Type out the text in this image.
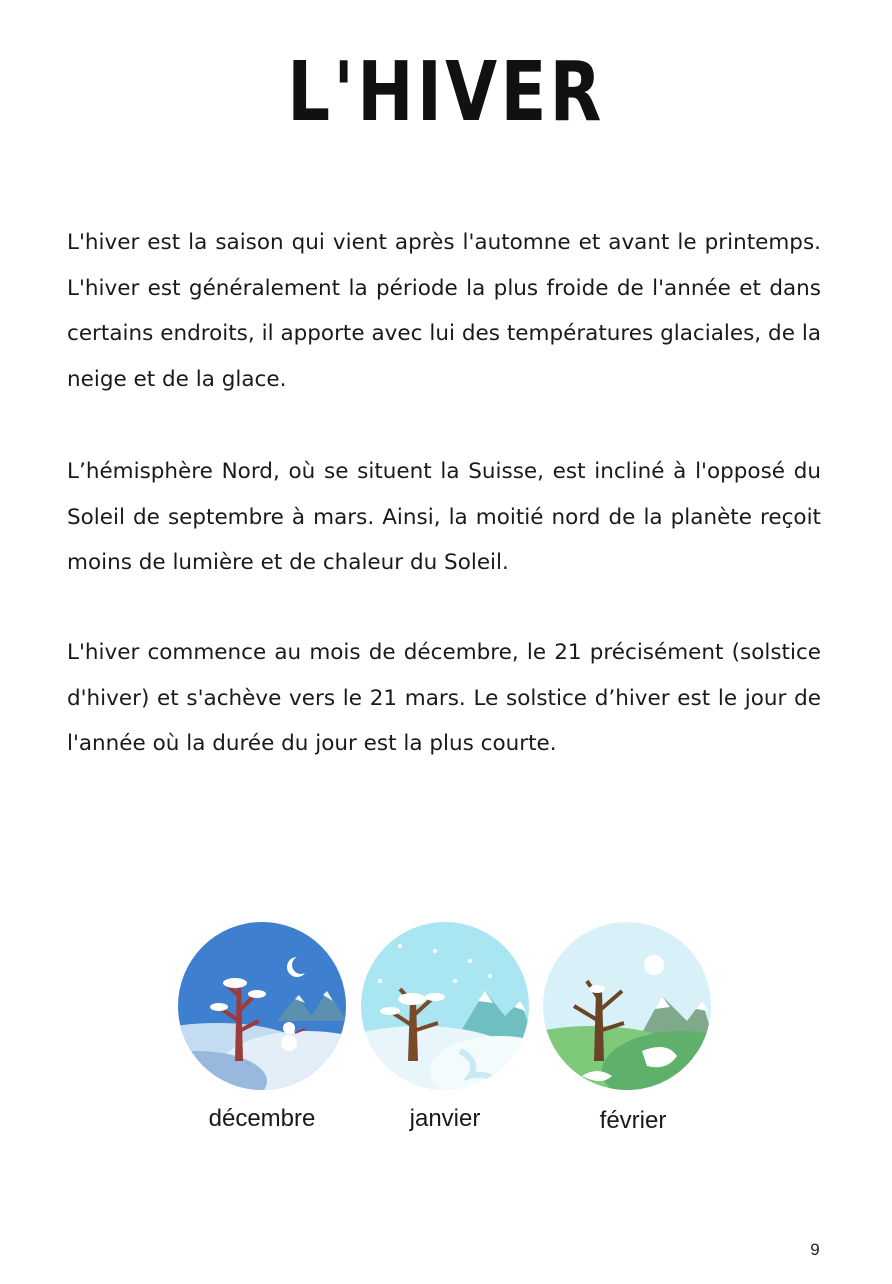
L'HIVER

L'hiver est la saison qui vient après l'automne et avant le printemps. L'hiver est généralement la période la plus froide de l'année et dans certains endroits, il apporte avec lui des températures glaciales, de la neige et de la glace.

L’hémisphère Nord, où se situent la Suisse, est incliné à l'opposé du Soleil de septembre à mars. Ainsi, la moitié nord de la planète reçoit moins de lumière et de chaleur du Soleil.

L'hiver commence au mois de décembre, le 21 précisément (solstice d'hiver) et s'achève vers le 21 mars. Le solstice d’hiver est le jour de l'année où la durée du jour est la plus courte.

décembre	janvier	février
9
